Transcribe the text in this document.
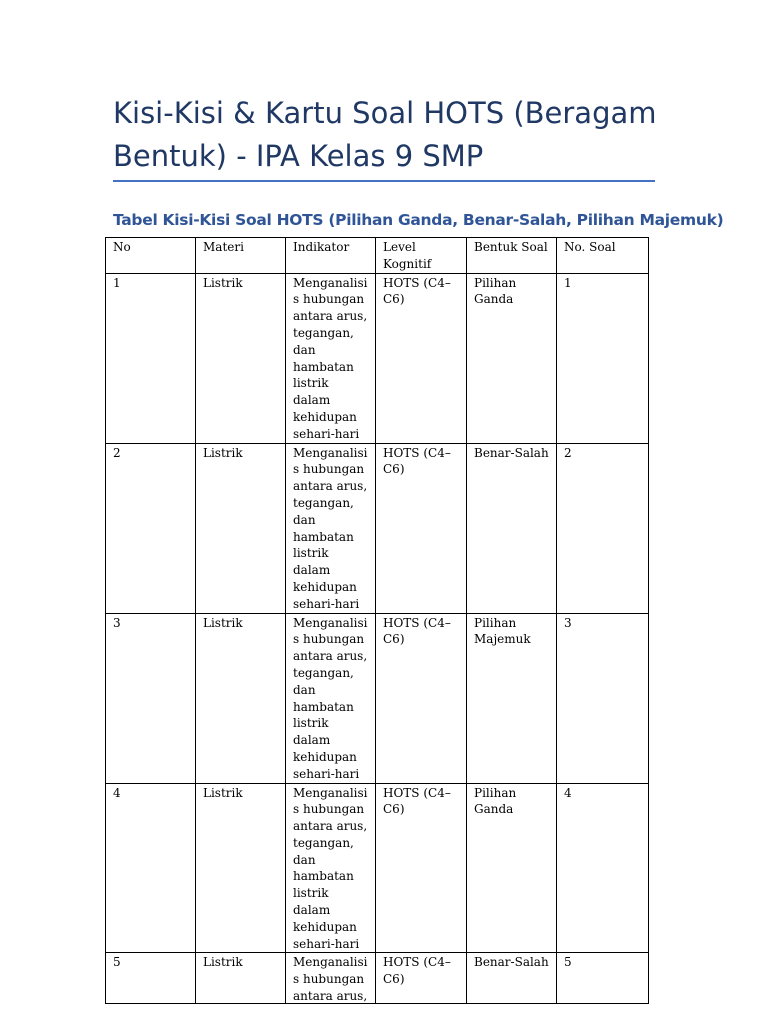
Kisi-Kisi & Kartu Soal HOTS (Beragam
Bentuk) - IPA Kelas 9 SMP
Tabel Kisi-Kisi Soal HOTS (Pilihan Ganda, Benar-Salah, Pilihan Majemuk)
No	Materi	Indikator	Level Kognitif	Bentuk Soal	No. Soal
1	Listrik	Menganalisis hubungan antara arus, tegangan, dan hambatan listrik dalam kehidupan sehari-hari	HOTS (C4–C6)	Pilihan Ganda	1
2	Listrik	Menganalisis hubungan antara arus, tegangan, dan hambatan listrik dalam kehidupan sehari-hari	HOTS (C4–C6)	Benar-Salah	2
3	Listrik	Menganalisis hubungan antara arus, tegangan, dan hambatan listrik dalam kehidupan sehari-hari	HOTS (C4–C6)	Pilihan Majemuk	3
4	Listrik	Menganalisis hubungan antara arus, tegangan, dan hambatan listrik dalam kehidupan sehari-hari	HOTS (C4–C6)	Pilihan Ganda	4

5	Listrik	Menganalisis hubungan antara arus,	HOTS (C4–C6)	Benar-Salah	5
